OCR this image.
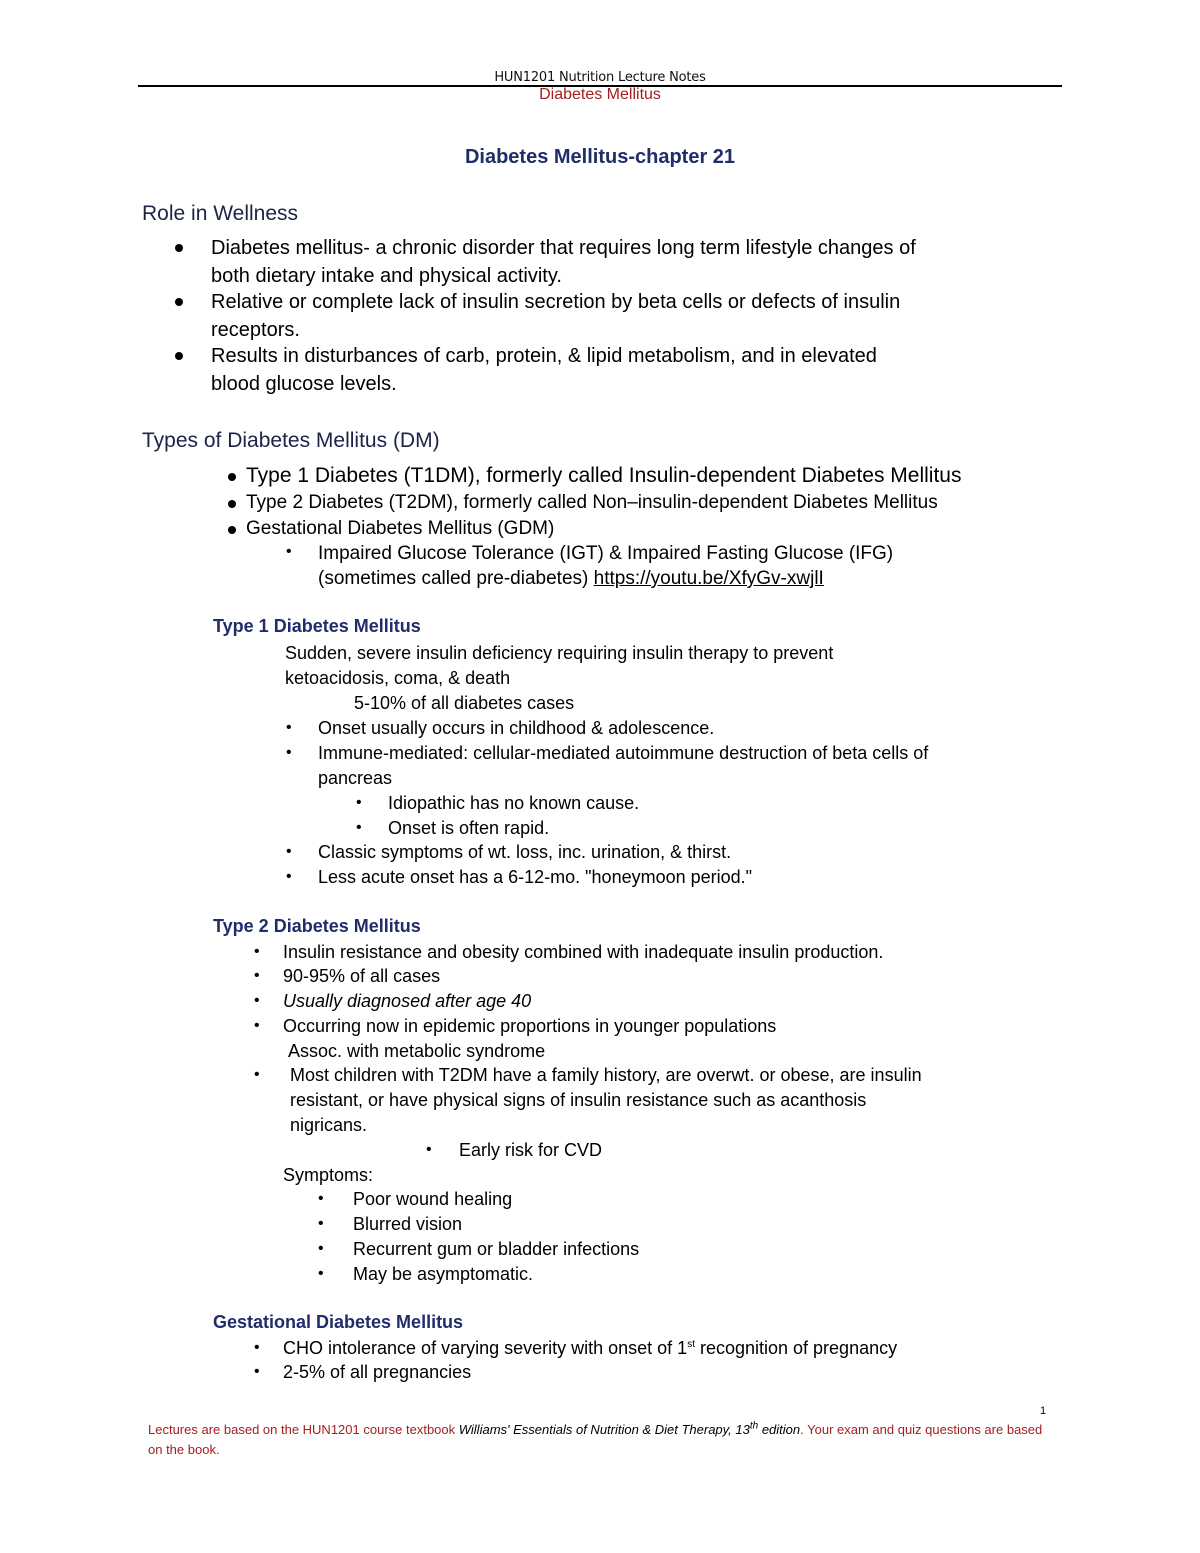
HUN1201 Nutrition Lecture Notes
Diabetes Mellitus
Diabetes Mellitus-chapter 21
Role in Wellness
Diabetes mellitus- a chronic disorder that requires long term lifestyle changes of
both dietary intake and physical activity.
Relative or complete lack of insulin secretion by beta cells or defects of insulin
receptors.
Results in disturbances of carb, protein, & lipid metabolism, and in elevated
blood glucose levels.
Types of Diabetes Mellitus (DM)
Type 1 Diabetes (T1DM), formerly called Insulin-dependent Diabetes Mellitus
Type 2 Diabetes (T2DM), formerly called Non–insulin-dependent Diabetes Mellitus
Gestational Diabetes Mellitus (GDM)
• Impaired Glucose Tolerance (IGT) & Impaired Fasting Glucose (IFG)
(sometimes called pre-diabetes) https://youtu.be/XfyGv-xwjlI
Type 1 Diabetes Mellitus
Sudden, severe insulin deficiency requiring insulin therapy to prevent
ketoacidosis, coma, & death
5-10% of all diabetes cases
• Onset usually occurs in childhood & adolescence.
• Immune-mediated: cellular-mediated autoimmune destruction of beta cells of
pancreas
• Idiopathic has no known cause.
• Onset is often rapid.
• Classic symptoms of wt. loss, inc. urination, & thirst.
• Less acute onset has a 6-12-mo. "honeymoon period."
Type 2 Diabetes Mellitus
• Insulin resistance and obesity combined with inadequate insulin production.
• 90-95% of all cases
• Usually diagnosed after age 40
• Occurring now in epidemic proportions in younger populations
Assoc. with metabolic syndrome
• Most children with T2DM have a family history, are overwt. or obese, are insulin
resistant, or have physical signs of insulin resistance such as acanthosis
nigricans.
• Early risk for CVD
Symptoms:
• Poor wound healing
• Blurred vision
• Recurrent gum or bladder infections
• May be asymptomatic.
Gestational Diabetes Mellitus
• CHO intolerance of varying severity with onset of 1st recognition of pregnancy
• 2-5% of all pregnancies
1
Lectures are based on the HUN1201 course textbook Williams' Essentials of Nutrition & Diet Therapy, 13th edition. Your exam and quiz questions are based on the book.
